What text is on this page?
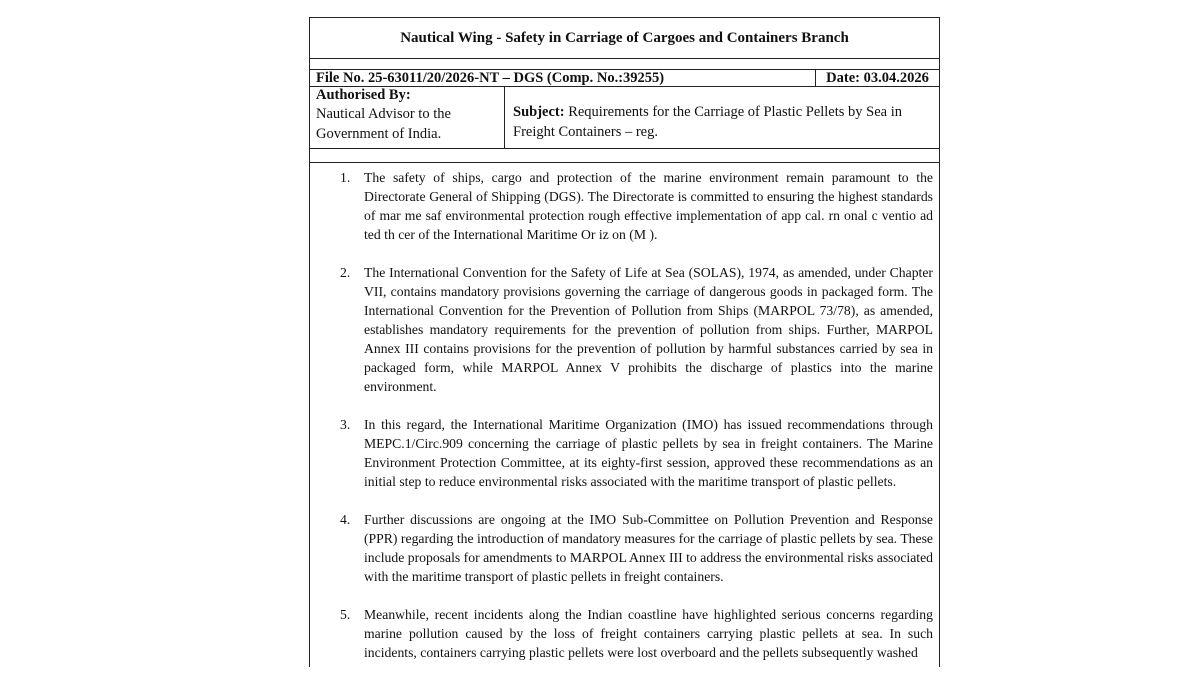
Nautical Wing - Safety in Carriage of Cargoes and Containers Branch
File No. 25-63011/20/2026-NT – DGS (Comp. No.:39255)	Date: 03.04.2026
Authorised By:
Nautical Advisor to the Government of India.
Subject: Requirements for the Carriage of Plastic Pellets by Sea in Freight Containers – reg.
1.	The safety of ships, cargo and protection of the marine environment remain paramount to the Directorate General of Shipping (DGS). The Directorate is committed to ensuring the highest standards of mar me saf environmental protection rough effective implementation of app cal. rn onal c ventio ad ted th cer of the International Maritime Or iz on (M ).
2.	The International Convention for the Safety of Life at Sea (SOLAS), 1974, as amended, under Chapter VII, contains mandatory provisions governing the carriage of dangerous goods in packaged form. The International Convention for the Prevention of Pollution from Ships (MARPOL 73/78), as amended, establishes mandatory requirements for the prevention of pollution from ships. Further, MARPOL Annex III contains provisions for the prevention of pollution by harmful substances carried by sea in packaged form, while MARPOL Annex V prohibits the discharge of plastics into the marine environment.
3.	In this regard, the International Maritime Organization (IMO) has issued recommendations through MEPC.1/Circ.909 concerning the carriage of plastic pellets by sea in freight containers. The Marine Environment Protection Committee, at its eighty-first session, approved these recommendations as an initial step to reduce environmental risks associated with the maritime transport of plastic pellets.
4.	Further discussions are ongoing at the IMO Sub-Committee on Pollution Prevention and Response (PPR) regarding the introduction of mandatory measures for the carriage of plastic pellets by sea. These include proposals for amendments to MARPOL Annex III to address the environmental risks associated with the maritime transport of plastic pellets in freight containers.
5.	Meanwhile, recent incidents along the Indian coastline have highlighted serious concerns regarding marine pollution caused by the loss of freight containers carrying plastic pellets at sea. In such incidents, containers carrying plastic pellets were lost overboard and the pellets subsequently washed
